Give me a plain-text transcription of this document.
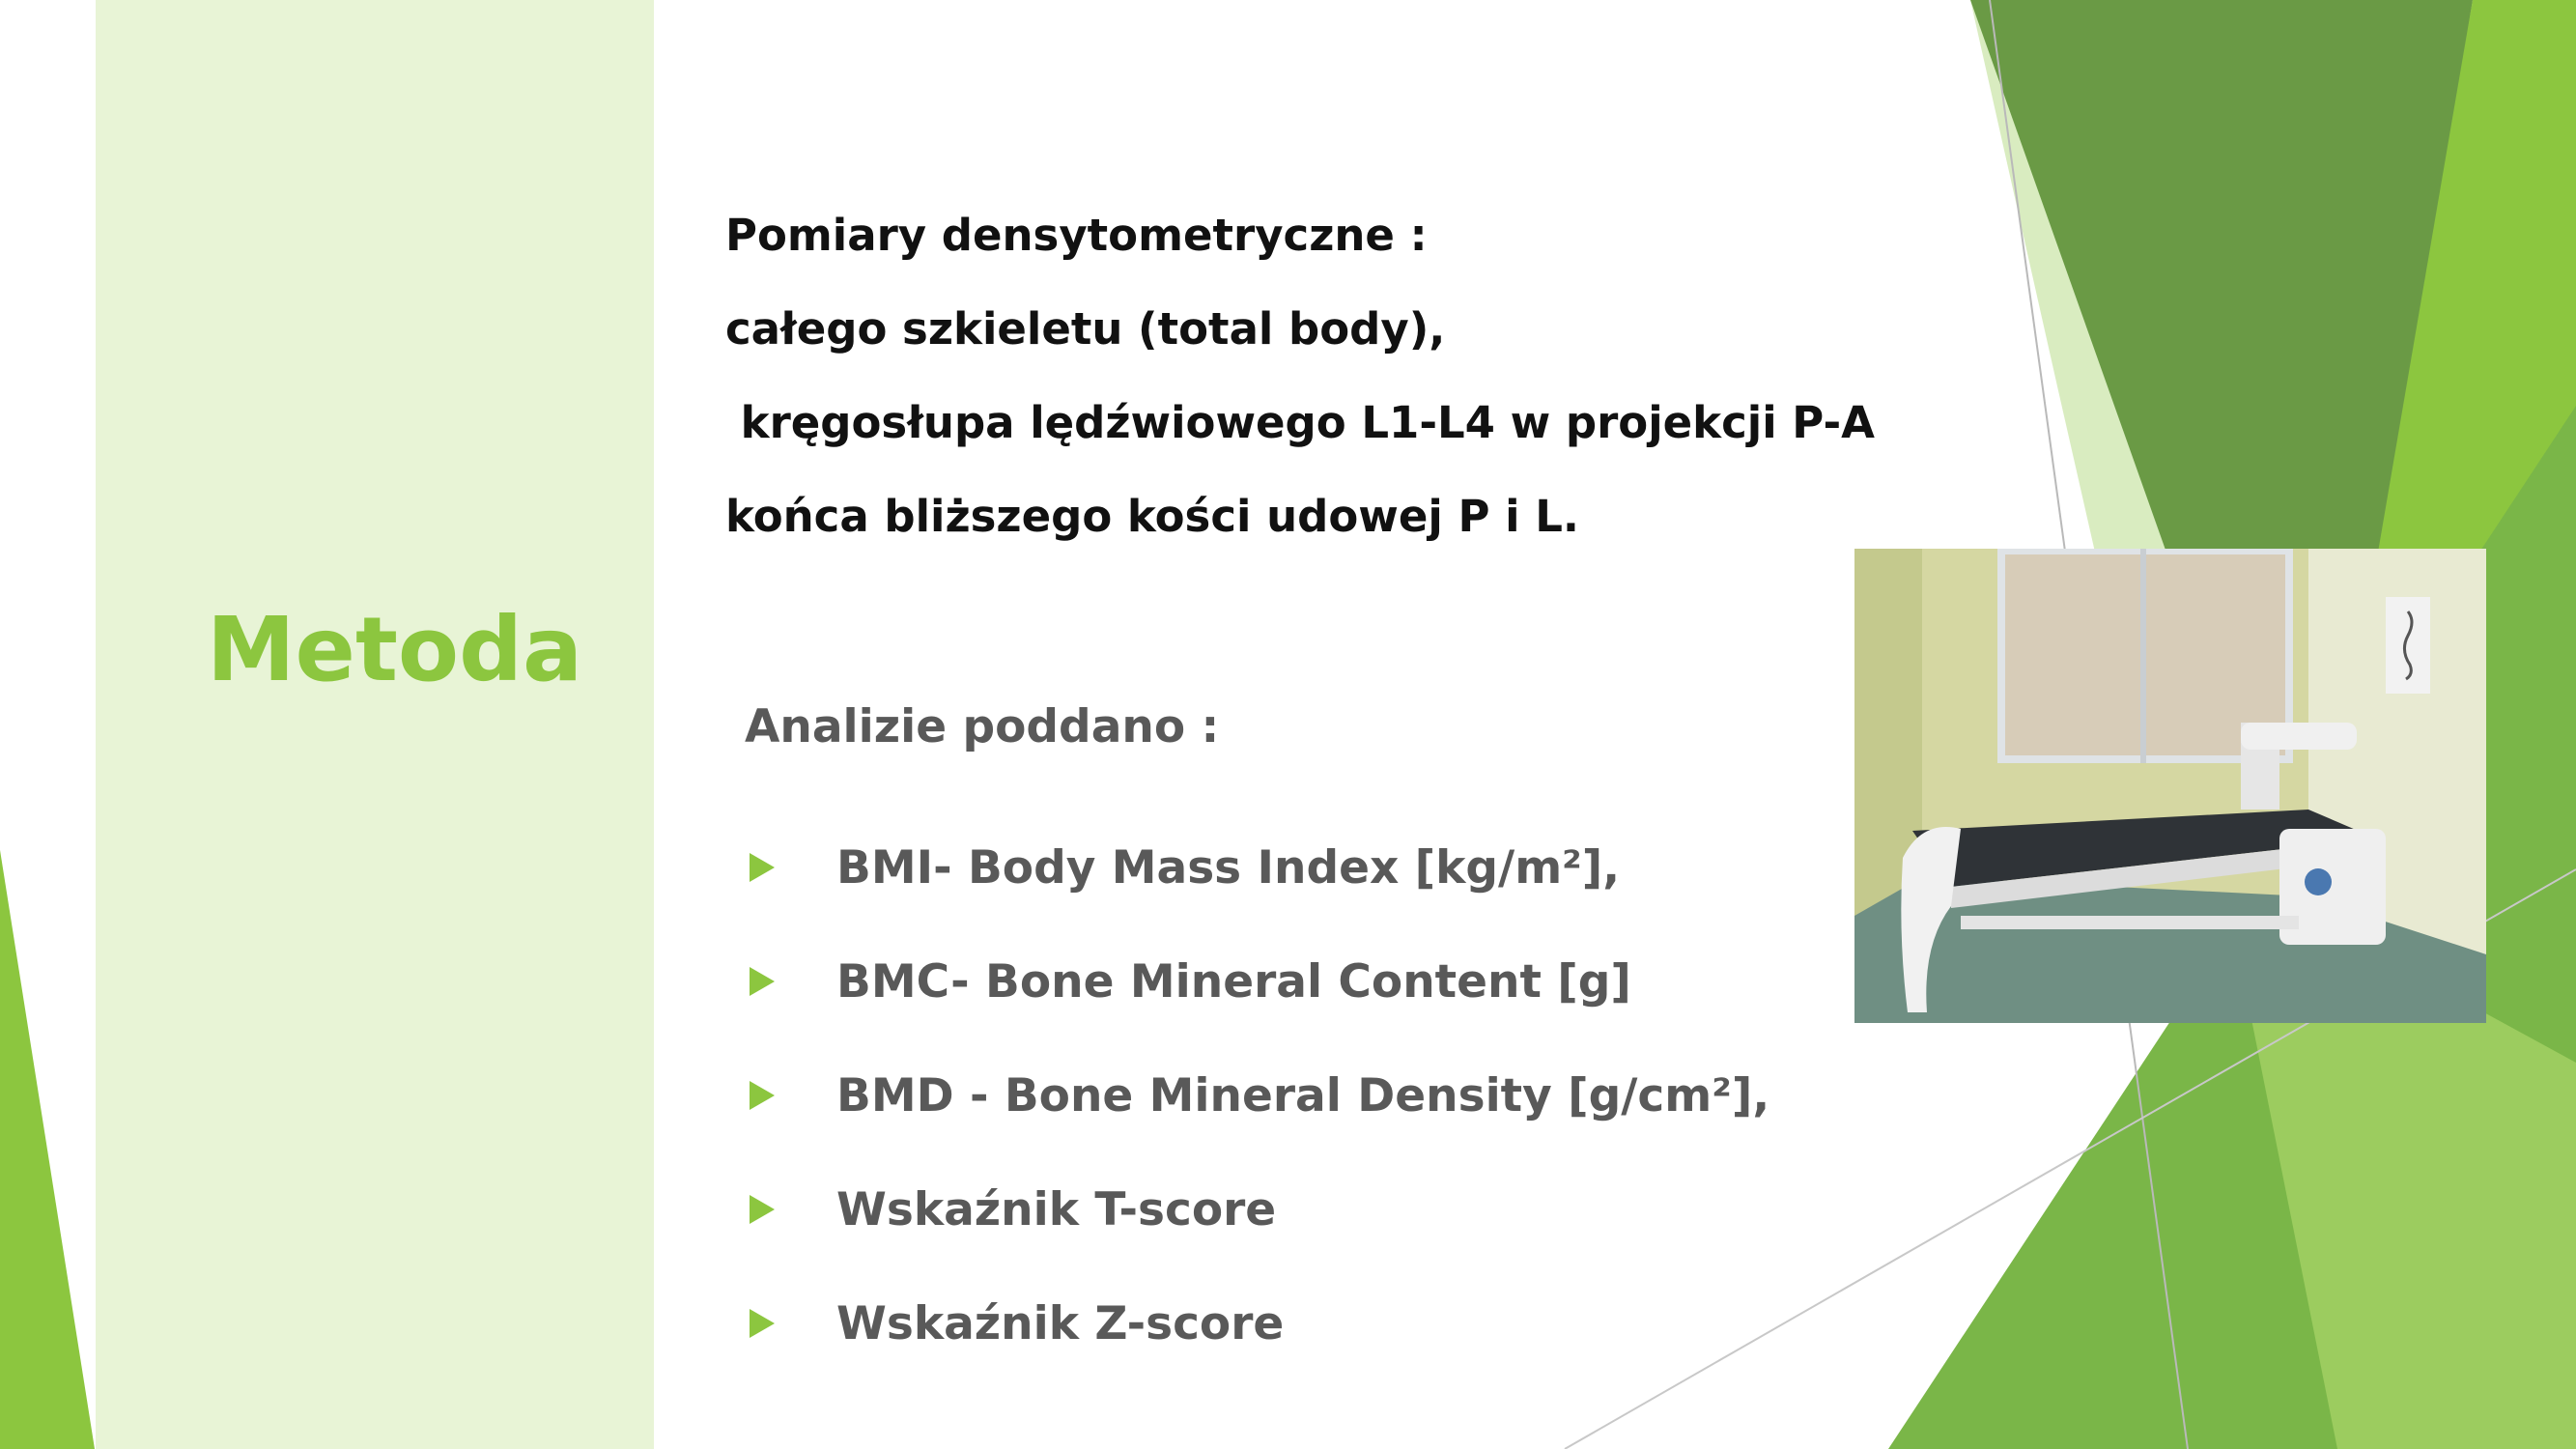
Metoda
Pomiary densytometryczne :
całego szkieletu (total body),
kręgosłupa lędźwiowego L1-L4 w projekcji P-A
końca bliższego kości udowej P i L.
Analizie poddano :
BMI- Body Mass Index [kg/m²],
BMC- Bone Mineral Content [g]
BMD - Bone Mineral Density [g/cm²],
Wskaźnik T-score
Wskaźnik Z-score
